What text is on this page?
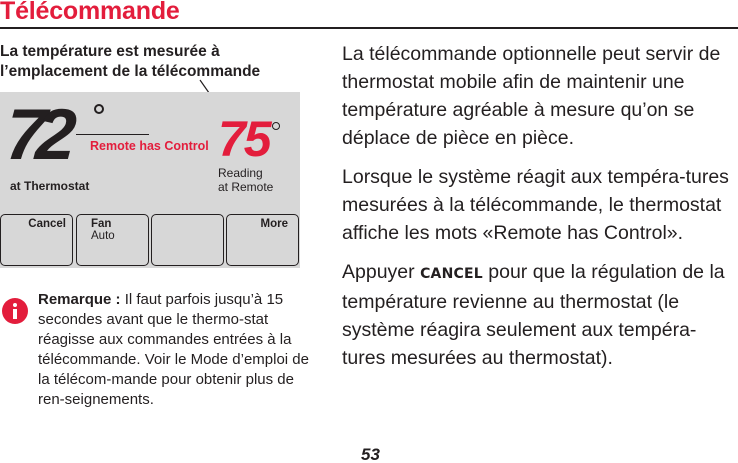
Télécommande
La température est mesurée à l’emplacement de la télécommande
72
at Thermostat
Remote has Control 75
Reading
at Remote
Cancel Fan
Auto
More
Remarque : Il faut parfois jusqu’à 15 secondes avant que le thermo-stat réagisse aux commandes entrées à la télécommande. Voir le Mode d’emploi de la télécom-mande pour obtenir plus de ren-seignements.

La télécommande optionnelle peut servir de thermostat mobile afin de maintenir une température agréable à mesure qu’on se déplace de pièce en pièce.

Lorsque le système réagit aux tempéra-tures mesurées à la télécommande, le thermostat affiche les mots «Remote has Control».

Appuyer CANCEL pour que la régulation de la température revienne au thermostat (le système réagira seulement aux tempéra-tures mesurées au thermostat).

53
